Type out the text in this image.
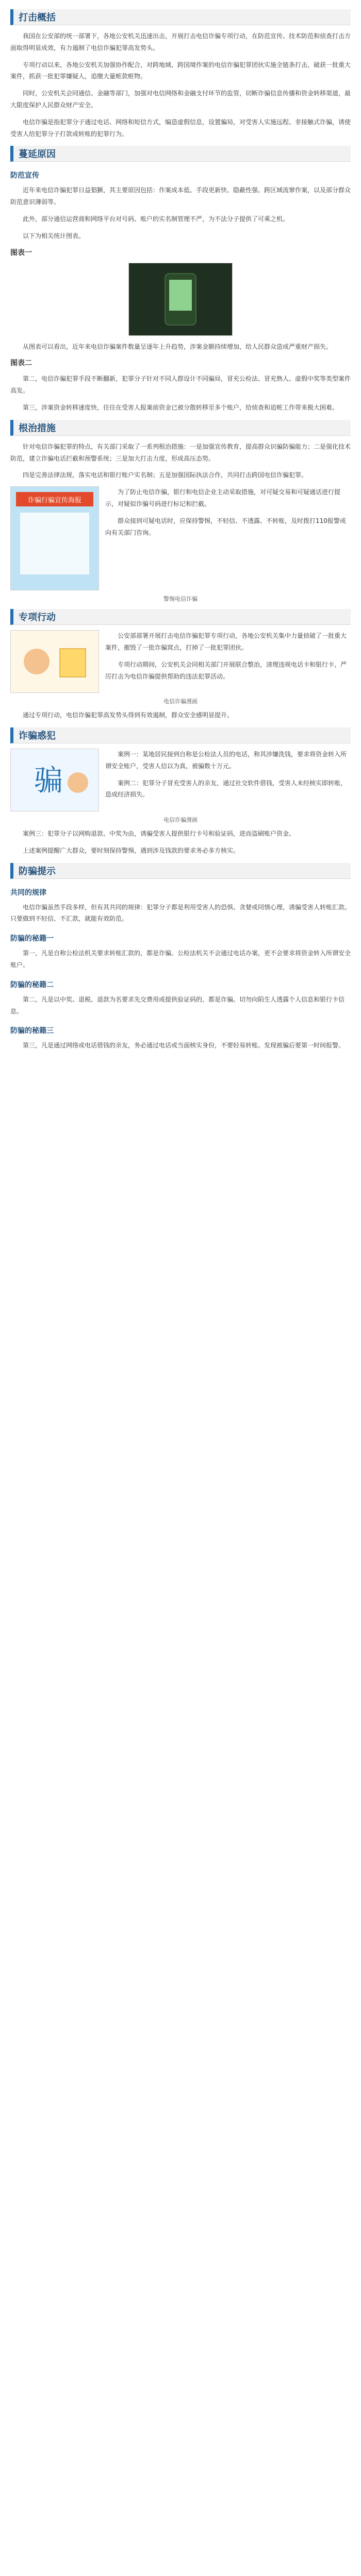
打击概括

我国在公安部的统一部署下，各地公安机关迅速出击，开展打击电信诈骗专项行动，在防范宣传、技术防范和侦查打击方面取得明显成效，有力遏制了电信诈骗犯罪高发势头。

专项行动以来，各地公安机关加强协作配合，对跨地域、跨国境作案的电信诈骗犯罪团伙实施全链条打击，破获一批重大案件，抓获一批犯罪嫌疑人，追缴大量赃款赃物。

同时，公安机关会同通信、金融等部门，加强对电信网络和金融支付环节的监管，切断诈骗信息传播和资金转移渠道，最大限度保护人民群众财产安全。

电信诈骗是指犯罪分子通过电话、网络和短信方式，编造虚假信息，设置骗局，对受害人实施远程、非接触式诈骗，诱使受害人给犯罪分子打款或转账的犯罪行为。

蔓延原因
防范宣传

近年来电信诈骗犯罪日益猖獗，其主要原因包括：作案成本低、手段更新快、隐蔽性强、跨区域流窜作案，以及部分群众防范意识薄弱等。

此外，部分通信运营商和网络平台对号码、账户的实名制管理不严，为不法分子提供了可乘之机。

以下为相关统计图表。

图表一

从图表可以看出，近年来电信诈骗案件数量呈逐年上升趋势，涉案金额持续增加，给人民群众造成严重财产损失。

图表二

第二，电信诈骗犯罪手段不断翻新，犯罪分子针对不同人群设计不同骗局，冒充公检法、冒充熟人、虚假中奖等类型案件高发。

第三，涉案资金转移速度快，往往在受害人报案前资金已被分散转移至多个账户，给侦查和追赃工作带来极大困难。

根治措施

针对电信诈骗犯罪的特点，有关部门采取了一系列根治措施：一是加强宣传教育，提高群众识骗防骗能力；二是强化技术防范，建立诈骗电话拦截和预警系统；三是加大打击力度，形成高压态势。

四是完善法律法规，落实电话和银行账户实名制；五是加强国际执法合作，共同打击跨国电信诈骗犯罪。

诈骗行骗宣传海报

为了防止电信诈骗，银行和电信企业主动采取措施，对可疑交易和可疑通话进行提示，对疑似诈骗号码进行标记和拦截。

群众接到可疑电话时，应保持警惕，不轻信、不透露、不转账，及时拨打110报警或向有关部门咨询。

警惕电信诈骗
专项行动

公安部部署开展打击电信诈骗犯罪专项行动，各地公安机关集中力量侦破了一批重大案件，摧毁了一批诈骗窝点，打掉了一批犯罪团伙。

专项行动期间，公安机关会同相关部门开展联合整治，清理违规电话卡和银行卡，严厉打击为电信诈骗提供帮助的违法犯罪活动。

电信诈骗漫画

通过专项行动，电信诈骗犯罪高发势头得到有效遏制，群众安全感明显提升。

诈骗惑犯
骗

案例一：某地居民接到自称是公检法人员的电话，称其涉嫌洗钱，要求将资金转入所谓安全账户，受害人信以为真，被骗数十万元。

案例二：犯罪分子冒充受害人的亲友，通过社交软件借钱，受害人未经核实即转账，造成经济损失。

电信诈骗漫画

案例三：犯罪分子以网购退款、中奖为由，诱骗受害人提供银行卡号和验证码，进而盗刷账户资金。

上述案例提醒广大群众，要时刻保持警惕，遇到涉及钱款的要求务必多方核实。

防骗提示
共同的规律

电信诈骗虽然手段多样，但有其共同的规律：犯罪分子都是利用受害人的恐惧、贪婪或同情心理，诱骗受害人转账汇款。只要做到不轻信、不汇款，就能有效防范。

防骗的秘籍一

第一，凡是自称公检法机关要求转账汇款的，都是诈骗。公检法机关不会通过电话办案，更不会要求将资金转入所谓安全账户。

防骗的秘籍二

第二，凡是以中奖、退税、退款为名要求先交费用或提供验证码的，都是诈骗。切勿向陌生人透露个人信息和银行卡信息。

防骗的秘籍三

第三，凡是通过网络或电话借钱的亲友，务必通过电话或当面核实身份，不要轻易转账。发现被骗后要第一时间报警。
